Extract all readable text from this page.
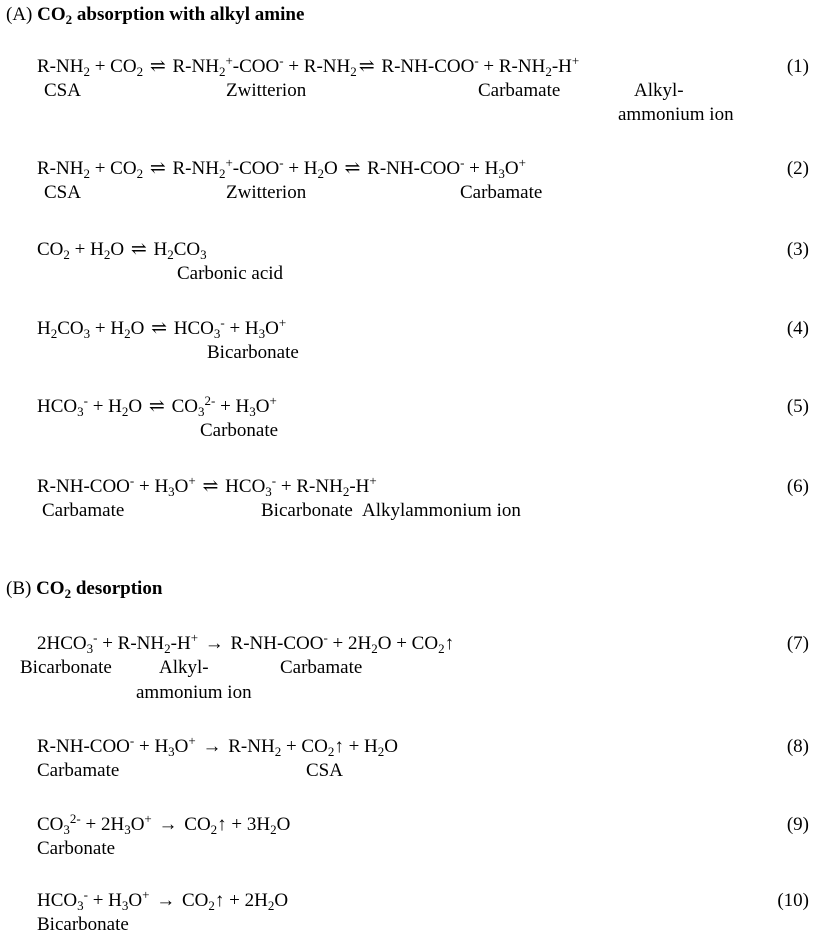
(A) $CO_2$ absorption with alkyl amine
$R-NH_2 + CO_2$ ⇌ $R-NH_2^+-COO^- + R-NH_2$ ⇌ $R-NH-COO^- + R-NH_2-H^+$
CSA	Zwitterion	Carbamate	Alkyl-
ammonium ion
(1)
$R-NH_2 + CO_2$ ⇌ $R-NH_2^+-COO^- + H_2O$ ⇌ $R-NH-COO^- + H_3O^+$
CSA	Zwitterion	Carbamate
(2)
$CO_2 + H_2O$ ⇌ $H_2CO_3$
Carbonic acid
(3)
$H_2CO_3 + H_2O$ ⇌ $HCO_3^- + H_3O^+$
Bicarbonate
(4)
$HCO_3^- + H_2O$ ⇌ $CO_3^{2-} + H_3O^+$
Carbonate
(5)
$R-NH-COO^- + H_3O^+$ ⇌ $HCO_3^- + R-NH_2-H^+$
Carbamate	Bicarbonate Alkylammonium ion
(6)
(B) $CO_2$ desorption
$2HCO_3^- + R-NH_2-H^+ \to R-NH-COO^- + 2H_2O$ + $CO_2↑$
Bicarbonate Alkyl-	Carbamate
ammonium ion
(7)
$R-NH-COO^- + H_3O^+ \to R-NH_2$ + $CO_2↑ + H_2O$
Carbamate	CSA
(8)
$CO_3^{2-} + 2H_3O^+$ → $CO_2↑ + 3H_2O$
Carbonate
(9)
$HCO_3^- + H_3O^+$ → $CO_2↑ + 2H_2O$
Bicarbonate
(10)
